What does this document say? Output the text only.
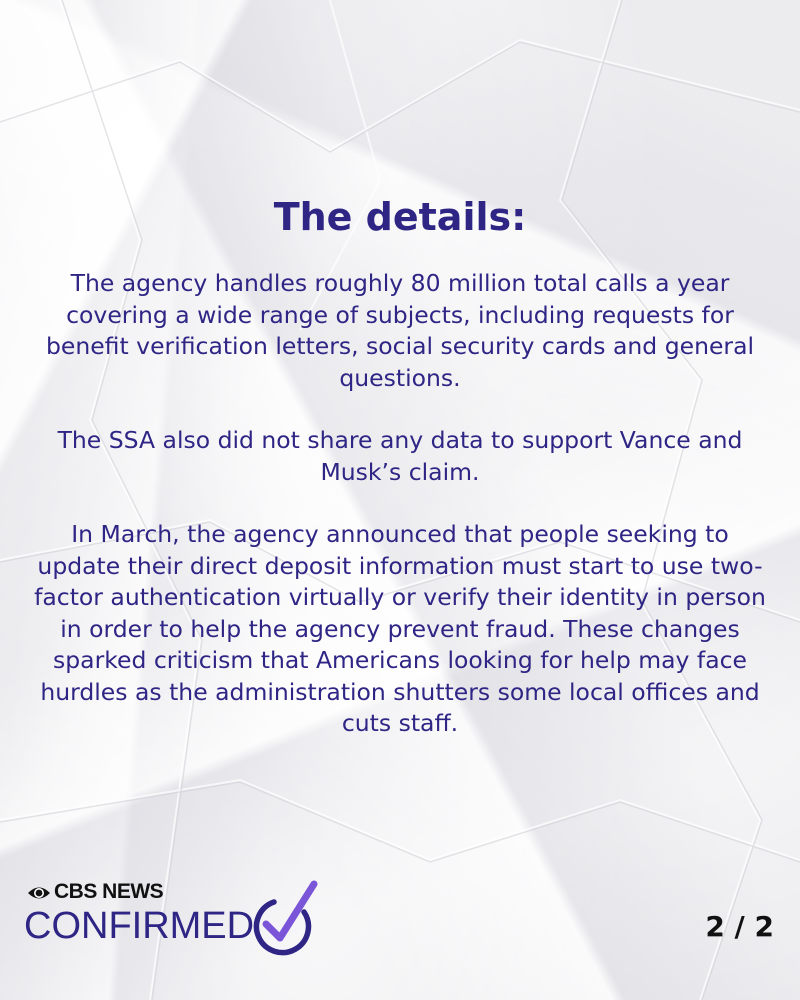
The details:

The agency handles roughly 80 million total calls a year covering a wide range of subjects, including requests for benefit verification letters, social security cards and general questions.

The SSA also did not share any data to support Vance and Musk’s claim.

In March, the agency announced that people seeking to update their direct deposit information must start to use two-factor authentication virtually or verify their identity in person in order to help the agency prevent fraud. These changes sparked criticism that Americans looking for help may face hurdles as the administration shutters some local offices and cuts staff.

CBS NEWS
CONFIRMED	2 / 2
